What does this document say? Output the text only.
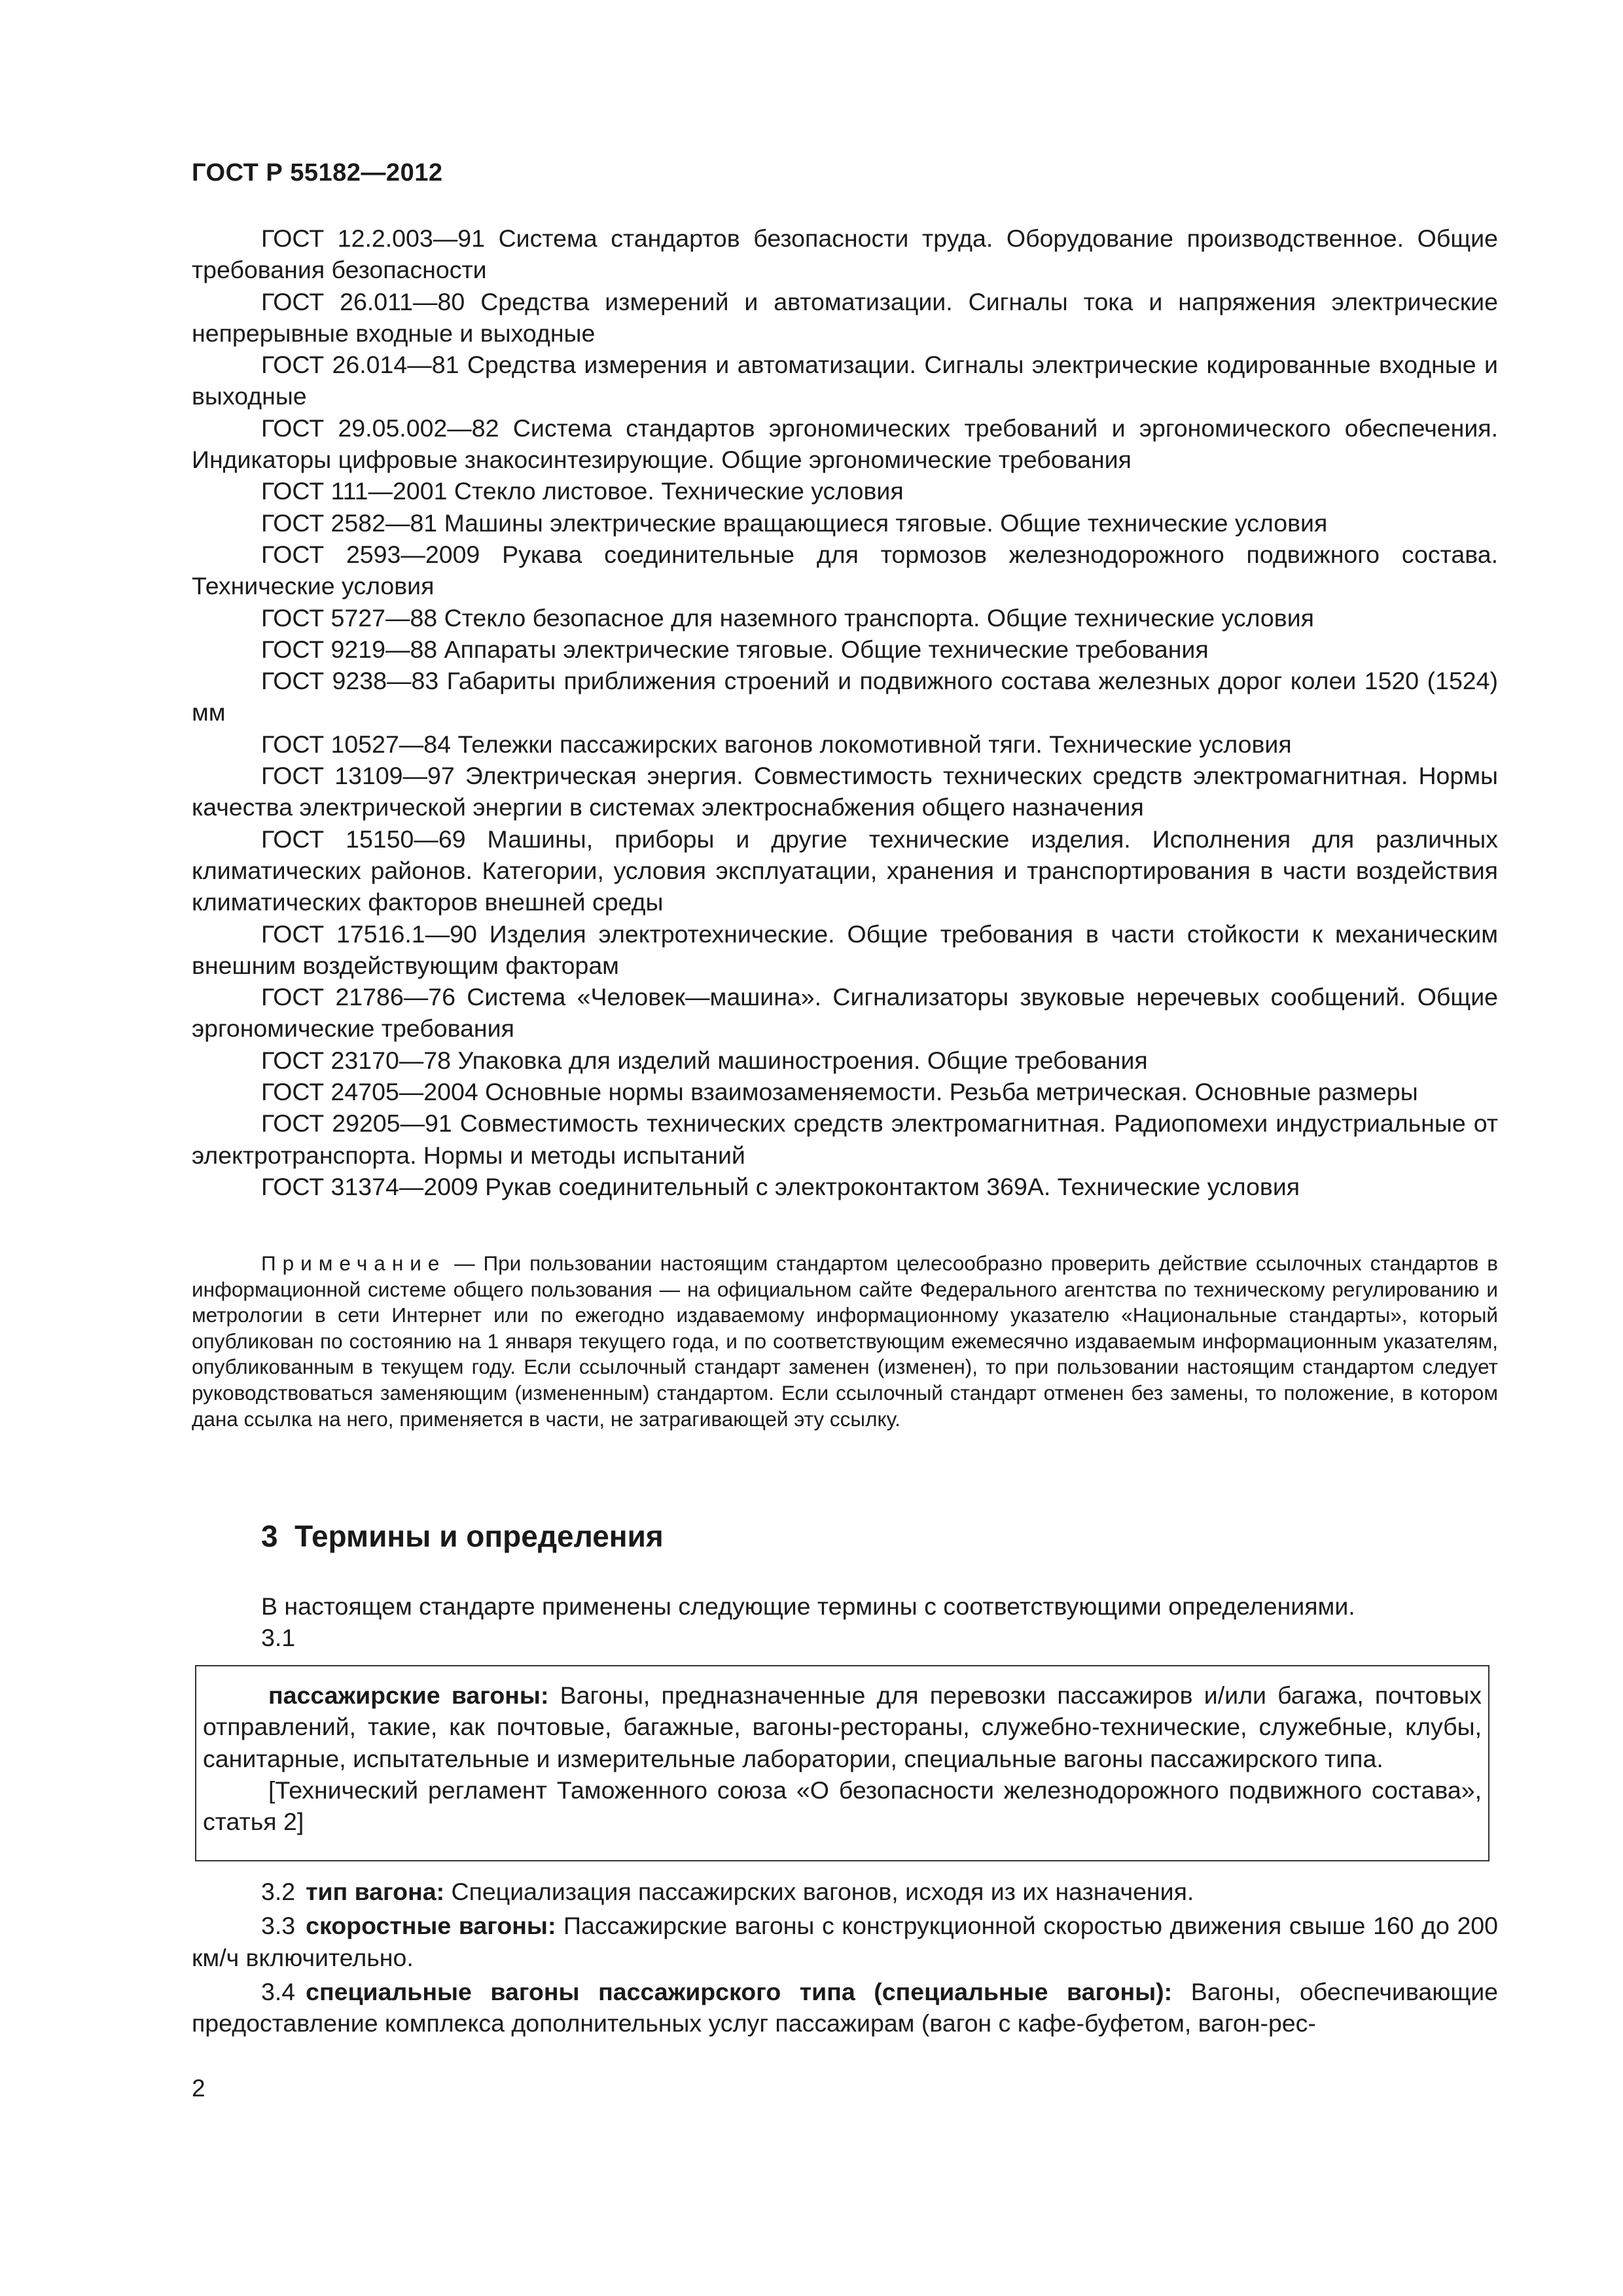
ГОСТ Р 55182—2012

ГОСТ 12.2.003—91 Система стандартов безопасности труда. Оборудование производственное. Общие требования безопасности

ГОСТ 26.011—80 Средства измерений и автоматизации. Сигналы тока и напряжения электрические непрерывные входные и выходные

ГОСТ 26.014—81 Средства измерения и автоматизации. Сигналы электрические кодированные входные и выходные

ГОСТ 29.05.002—82 Система стандартов эргономических требований и эргономического обеспечения. Индикаторы цифровые знакосинтезирующие. Общие эргономические требования

ГОСТ 111—2001 Стекло листовое. Технические условия

ГОСТ 2582—81 Машины электрические вращающиеся тяговые. Общие технические условия

ГОСТ 2593—2009 Рукава соединительные для тормозов железнодорожного подвижного состава. Технические условия

ГОСТ 5727—88 Стекло безопасное для наземного транспорта. Общие технические условия

ГОСТ 9219—88 Аппараты электрические тяговые. Общие технические требования

ГОСТ 9238—83 Габариты приближения строений и подвижного состава железных дорог колеи 1520 (1524) мм

ГОСТ 10527—84 Тележки пассажирских вагонов локомотивной тяги. Технические условия

ГОСТ 13109—97 Электрическая энергия. Совместимость технических средств электромагнитная. Нормы качества электрической энергии в системах электроснабжения общего назначения

ГОСТ 15150—69 Машины, приборы и другие технические изделия. Исполнения для различных климатических районов. Категории, условия эксплуатации, хранения и транспортирования в части воздействия климатических факторов внешней среды

ГОСТ 17516.1—90 Изделия электротехнические. Общие требования в части стойкости к механическим внешним воздействующим факторам

ГОСТ 21786—76 Система «Человек—машина». Сигнализаторы звуковые неречевых сообщений. Общие эргономические требования

ГОСТ 23170—78 Упаковка для изделий машиностроения. Общие требования

ГОСТ 24705—2004 Основные нормы взаимозаменяемости. Резьба метрическая. Основные размеры

ГОСТ 29205—91 Совместимость технических средств электромагнитная. Радиопомехи индустриальные от электротранспорта. Нормы и методы испытаний

ГОСТ 31374—2009 Рукав соединительный с электроконтактом 369А. Технические условия

Примечание — При пользовании настоящим стандартом целесообразно проверить действие ссылочных стандартов в информационной системе общего пользования — на официальном сайте Федерального агентства по техническому регулированию и метрологии в сети Интернет или по ежегодно издаваемому информационному указателю «Национальные стандарты», который опубликован по состоянию на 1 января текущего года, и по соответствующим ежемесячно издаваемым информационным указателям, опубликованным в текущем году. Если ссылочный стандарт заменен (изменен), то при пользовании настоящим стандартом следует руководствоваться заменяющим (измененным) стандартом. Если ссылочный стандарт отменен без замены, то положение, в котором дана ссылка на него, применяется в части, не затрагивающей эту ссылку.

3 Термины и определения

В настоящем стандарте применены следующие термины с соответствующими определениями.

3.1

пассажирские вагоны: Вагоны, предназначенные для перевозки пассажиров и/или багажа, почтовых отправлений, такие, как почтовые, багажные, вагоны-рестораны, служебно-технические, служебные, клубы, санитарные, испытательные и измерительные лаборатории, специальные вагоны пассажирского типа.

[Технический регламент Таможенного союза «О безопасности железнодорожного подвижного состава», статья 2]

3.2 тип вагона: Специализация пассажирских вагонов, исходя из их назначения.

3.3 скоростные вагоны: Пассажирские вагоны с конструкционной скоростью движения свыше 160 до 200 км/ч включительно.

3.4 специальные вагоны пассажирского типа (специальные вагоны): Вагоны, обеспечивающие предоставление комплекса дополнительных услуг пассажирам (вагон с кафе-буфетом, вагон-рес-

2
